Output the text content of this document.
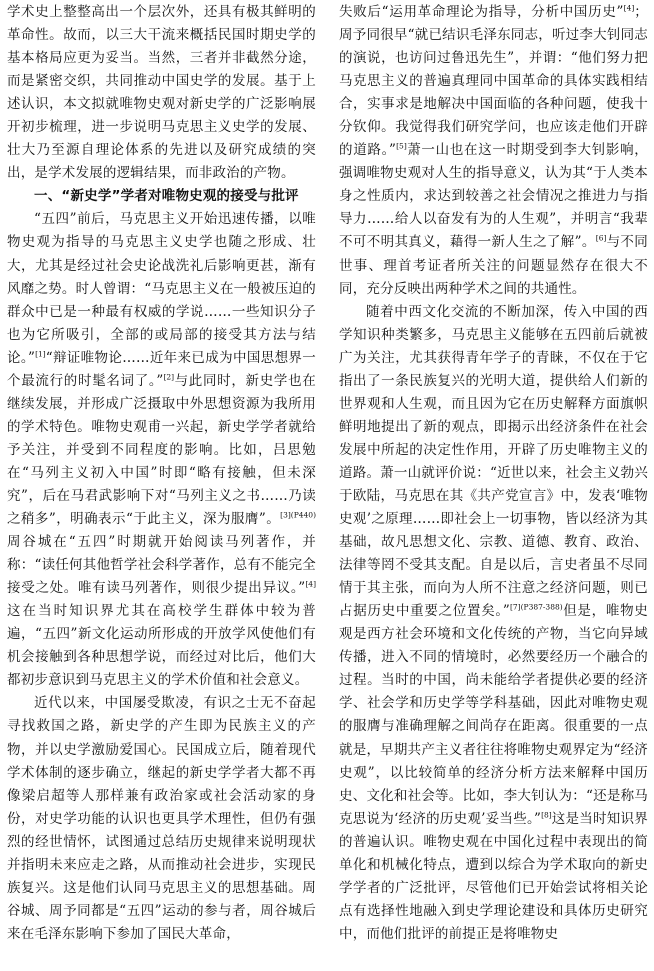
学术史上整整高出一个层次外，还具有极其鲜明的革命性。故而，以三大干流来概括民国时期史学的基本格局应更为妥当。当然，三者并非截然分途，而是紧密交织，共同推动中国史学的发展。基于上述认识，本文拟就唯物史观对新史学的广泛影响展开初步梳理，进一步说明马克思主义史学的发展、壮大乃至源自理论体系的先进以及研究成绩的突出，是学术发展的逻辑结果，而非政治的产物。

一、“新史学”学者对唯物史观的接受与批评

“五四”前后，马克思主义开始迅速传播，以唯物史观为指导的马克思主义史学也随之形成、壮大，尤其是经过社会史论战洗礼后影响更甚，渐有风靡之势。时人曾谓：“马克思主义在一般被压迫的群众中已是一种最有权威的学说……一些知识分子也为它所吸引，全部的或局部的接受其方法与结论。”[1]“辩证唯物论……近年来已成为中国思想界一个最流行的时髦名词了。”[2]与此同时，新史学也在继续发展，并形成广泛摄取中外思想资源为我所用的学术特色。唯物史观甫一兴起，新史学学者就给予关注，并受到不同程度的影响。比如，吕思勉在“马列主义初入中国”时即“略有接触，但未深究”，后在马君武影响下对“马列主义之书……乃读之稍多”，明确表示“于此主义，深为服膺”。$^{[3](P440)}$周谷城在“五四”时期就开始阅读马列著作，并称：“读任何其他哲学社会科学著作，总有不能完全接受之处。唯有读马列著作，则很少提出异议。”[4]这在当时知识界尤其在高校学生群体中较为普遍，“五四”新文化运动所形成的开放学风使他们有机会接触到各种思想学说，而经过对比后，他们大都初步意识到马克思主义的学术价值和社会意义。

近代以来，中国屡受欺凌，有识之士无不奋起寻找救国之路，新史学的产生即为民族主义的产物，并以史学激励爱国心。民国成立后，随着现代学术体制的逐步确立，继起的新史学学者大都不再像梁启超等人那样兼有政治家或社会活动家的身份，对史学功能的认识也更具学术理性，但仍有强烈的经世情怀，试图通过总结历史规律来说明现状并指明未来应走之路，从而推动社会进步，实现民族复兴。这是他们认同马克思主义的思想基础。周谷城、周予同都是“五四”运动的参与者，周谷城后来在毛泽东影响下参加了国民大革命，

失败后“运用革命理论为指导，分析中国历史”[4]；周予同很早“就已结识毛泽东同志，听过李大钊同志的演说，也访问过鲁迅先生”，并谓：“他们努力把马克思主义的普遍真理同中国革命的具体实践相结合，实事求是地解决中国面临的各种问题，使我十分钦仰。我觉得我们研究学问，也应该走他们开辟的道路。”[5]萧一山也在这一时期受到李大钊影响，强调唯物史观对人生的指导意义，认为其“于人类本身之性质内，求达到较善之社会情况之推进力与指导力……给人以奋发有为的人生观”，并明言“我辈不可不明其真义，藉得一新人生之了解”。[6]与不同世事、理首考证者所关注的问题显然存在很大不同，充分反映出两种学术之间的共通性。

随着中西文化交流的不断加深，传入中国的西学知识种类繁多，马克思主义能够在五四前后就被广为关注，尤其获得青年学子的青睐，不仅在于它指出了一条民族复兴的光明大道，提供给人们新的世界观和人生观，而且因为它在历史解释方面旗帜鲜明地提出了新的观点，即揭示出经济条件在社会发展中所起的决定性作用，开辟了历史唯物主义的道路。萧一山就评价说：“近世以来，社会主义勃兴于欧陆，马克思在其《共产党宣言》中，发表‘唯物史观’之原理……即社会上一切事物，皆以经济为其基础，故凡思想文化、宗教、道德、教育、政治、法律等罔不受其支配。自是以后，言史者虽不尽同情于其主张，而向为人所不注意之经济问题，则已占据历史中重要之位置矣。”$^{[7](P387-388)}$但是，唯物史观是西方社会环境和文化传统的产物，当它向异域传播，进入不同的情境时，必然要经历一个融合的过程。当时的中国，尚未能给学者提供必要的经济学、社会学和历史学等学科基础，因此对唯物史观的服膺与准确理解之间尚存在距离。很重要的一点就是，早期共产主义者往往将唯物史观界定为“经济史观”，以比较简单的经济分析方法来解释中国历史、文化和社会等。比如，李大钊认为：“还是称马克思说为‘经济的历史观’妥当些。”[8]这是当时知识界的普遍认识。唯物史观在中国化过程中表现出的简单化和机械化特点，遭到以综合为学术取向的新史学学者的广泛批评，尽管他们已开始尝试将相关论点有选择性地融入到史学理论建设和具体历史研究中，而他们批评的前提正是将唯物史
